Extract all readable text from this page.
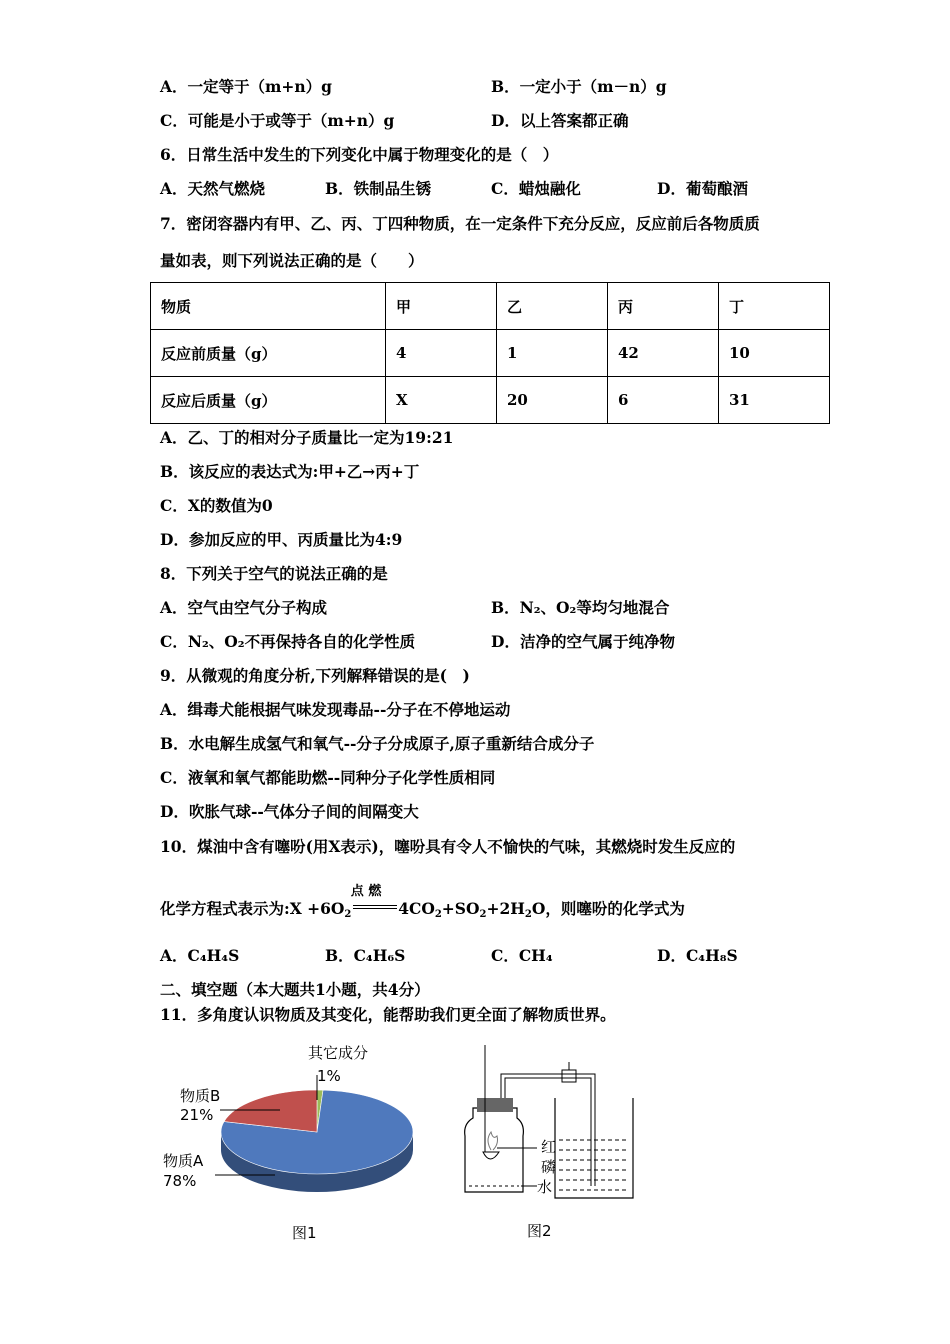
A．一定等于（m+n）g	B．一定小于（m－n）g
C．可能是小于或等于（m+n）g	D．以上答案都正确
6．日常生活中发生的下列变化中属于物理变化的是（　）
A．天然气燃烧	B．铁制品生锈	C．蜡烛融化	D．葡萄酿酒
7．密闭容器内有甲、乙、丙、丁四种物质，在一定条件下充分反应，反应前后各物质质
量如表，则下列说法正确的是（　　）
物质	甲	乙	丙	丁
反应前质量（g）	4	1	42	10
反应后质量（g）	X	20	6	31
A．乙、丁的相对分子质量比一定为19:21
B．该反应的表达式为:甲+乙→丙+丁
C．X的数值为0
D．参加反应的甲、丙质量比为4:9
8．下列关于空气的说法正确的是
A．空气由空气分子构成	B．N₂、O₂等均匀地混合
C．N₂、O₂不再保持各自的化学性质	D．洁净的空气属于纯净物
9．从微观的角度分析,下列解释错误的是(　)
A．缉毒犬能根据气味发现毒品--分子在不停地运动
B．水电解生成氢气和氧气--分子分成原子,原子重新结合成分子
C．液氧和氧气都能助燃--同种分子化学性质相同
D．吹胀气球--气体分子间的间隔变大
10．煤油中含有噻吩(用X表示)，噻吩具有令人不愉快的气味，其燃烧时发生反应的
化学方程式表示为:X $+6O_2$
点 燃
$4CO_2+SO_2+2H_2O$，则噻吩的化学式为
A．C₄H₄S	B．C₄H₆S	C．CH₄	D．C₄H₈S
二、填空题（本大题共1小题，共4分）
11．多角度认识物质及其变化，能帮助我们更全面了解物质世界。
其它成分
1%
物质B
21%
物质A
78%
图1
红
磷
水
图2
